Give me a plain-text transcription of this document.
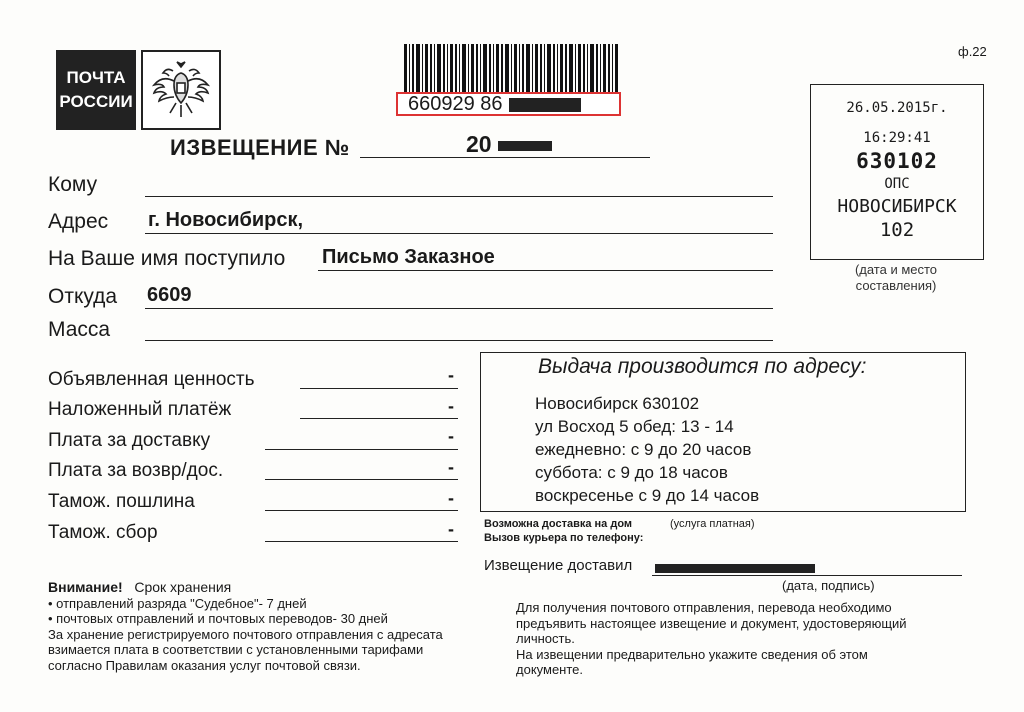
ПОЧТА
РОССИИ	660929 86
ф.22
26.05.2015г.
16:29:41
630102
ОПС
НОВОСИБИРСК
102
(дата и место составления)
ИЗВЕЩЕНИЕ №	20
Кому
Адрес г. Новосибирск,
На Ваше имя поступило Письмо Заказное
Откуда 6609
Масса
Объявленная ценность	-
Наложенный платёж	-
Плата за доставку	-
Плата за возвр/дос.	-
Тамож. пошлина	-
Тамож. сбор	-
Выдача производится по адресу:
Новосибирск 630102
ул Восход 5 обед: 13 - 14
ежедневно: с 9 до 20 часов
суббота: с 9 до 18 часов
воскресенье с 9 до 14 часов
Возможна доставка на дом	(услуга платная)
Вызов курьера по телефону:
Извещение доставил
(дата, подпись)
Внимание! Срок хранения
• отправлений разряда "Судебное"- 7 дней
• почтовых отправлений и почтовых переводов- 30 дней
За хранение регистрируемого почтового отправления с адресата
взимается плата в соответствии с установленными тарифами
согласно Правилам оказания услуг почтовой связи.
Для получения почтового отправления, перевода необходимо
предъявить настоящее извещение и документ, удостоверяющий
личность.
На извещении предварительно укажите сведения об этом
документе.
